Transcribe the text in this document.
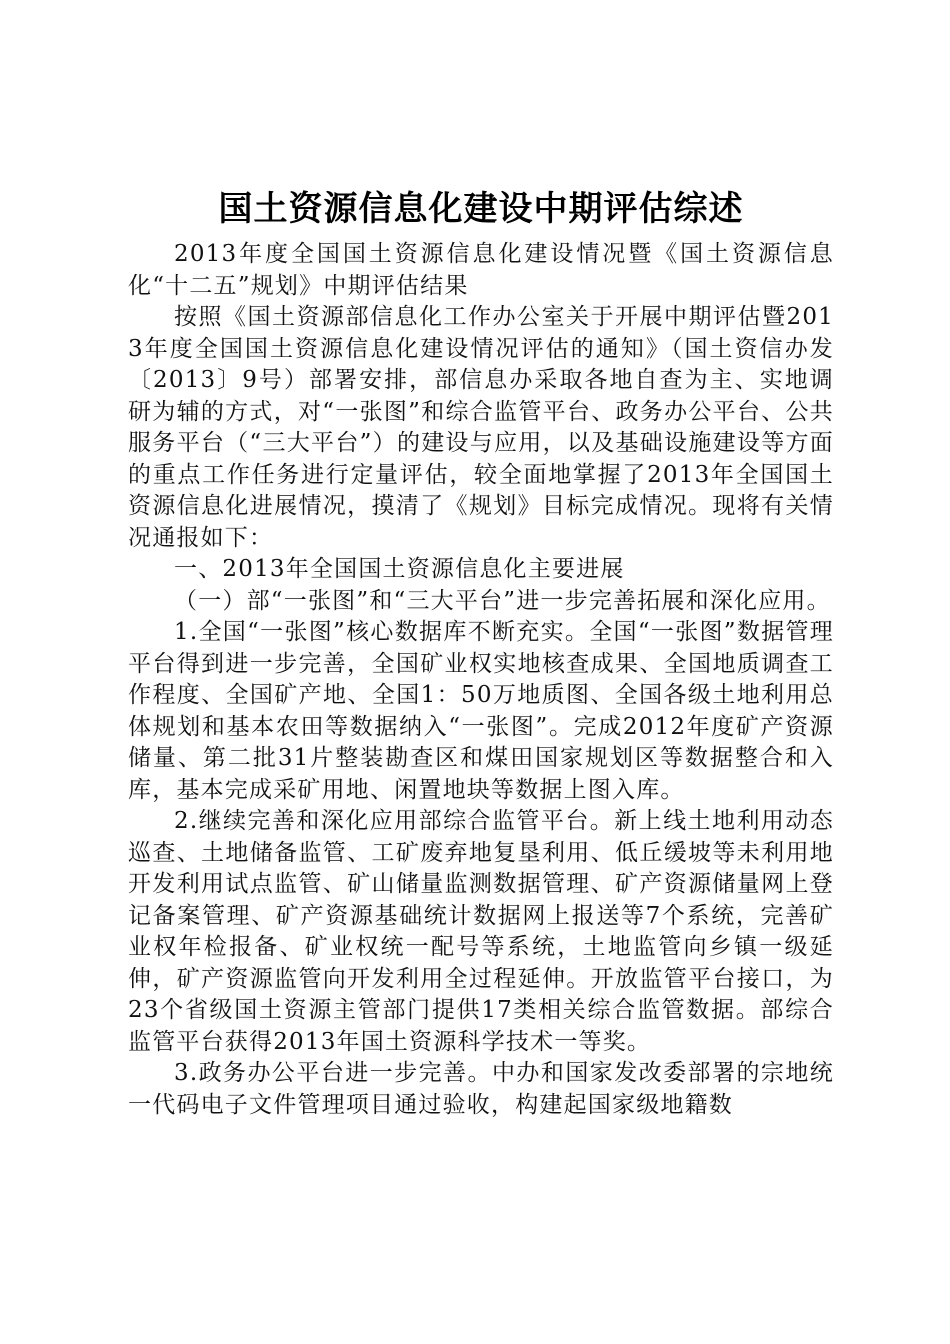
国土资源信息化建设中期评估综述

2013年度全国国土资源信息化建设情况暨《国土资源信息化“十二五”规划》中期评估结果

按照《国土资源部信息化工作办公室关于开展中期评估暨2013年度全国国土资源信息化建设情况评估的通知》（国土资信办发〔2013〕9号）部署安排，部信息办采取各地自查为主、实地调研为辅的方式，对“一张图”和综合监管平台、政务办公平台、公共服务平台（“三大平台”）的建设与应用，以及基础设施建设等方面的重点工作任务进行定量评估，较全面地掌握了2013年全国国土资源信息化进展情况，摸清了《规划》目标完成情况。现将有关情况通报如下：

一、2013年全国国土资源信息化主要进展

（一）部“一张图”和“三大平台”进一步完善拓展和深化应用。

1.全国“一张图”核心数据库不断充实。全国“一张图”数据管理平台得到进一步完善，全国矿业权实地核查成果、全国地质调查工作程度、全国矿产地、全国1：50万地质图、全国各级土地利用总体规划和基本农田等数据纳入“一张图”。完成2012年度矿产资源储量、第二批31片整装勘查区和煤田国家规划区等数据整合和入库，基本完成采矿用地、闲置地块等数据上图入库。

2.继续完善和深化应用部综合监管平台。新上线土地利用动态巡查、土地储备监管、工矿废弃地复垦利用、低丘缓坡等未利用地开发利用试点监管、矿山储量监测数据管理、矿产资源储量网上登记备案管理、矿产资源基础统计数据网上报送等7个系统，完善矿业权年检报备、矿业权统一配号等系统，土地监管向乡镇一级延伸，矿产资源监管向开发利用全过程延伸。开放监管平台接口，为23个省级国土资源主管部门提供17类相关综合监管数据。部综合监管平台获得2013年国土资源科学技术一等奖。

3.政务办公平台进一步完善。中办和国家发改委部署的宗地统一代码电子文件管理项目通过验收，构建起国家级地籍数
